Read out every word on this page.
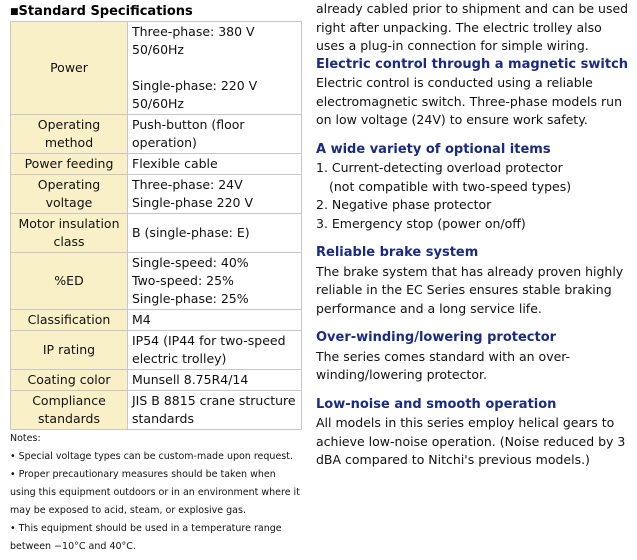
■Standard Specifications
Power	Three-phase: 380 V 50/60Hz
Single-phase: 220 V 50/60Hz

Operating method	Push-button (floor operation)
Power feeding	Flexible cable
Operating voltage	Three-phase: 24V
Single-phase 220 V

Motor insulation class	B (single-phase: E)
%ED	Single-speed: 40%
Two-speed: 25%
Single-phase: 25%

Classification	M4
IP rating	IP54 (IP44 for two-speed electric trolley)
Coating color	Munsell 8.75R4/14
Compliance standards	JIS B 8815 crane structure standards
Notes:
• Special voltage types can be custom-made upon request.
• Proper precautionary measures should be taken when using this equipment outdoors or in an environment where it may be exposed to acid, steam, or explosive gas.
• This equipment should be used in a temperature range between −10°C and 40°C.

already cabled prior to shipment and can be used right after unpacking. The electric trolley also uses a plug-in connection for simple wiring.

Electric control through a magnetic switch

Electric control is conducted using a reliable electromagnetic switch. Three-phase models run on low voltage (24V) to ensure work safety.

A wide variety of optional items
1. Current-detecting overload protector
(not compatible with two-speed types)
2. Negative phase protector
3. Emergency stop (power on/off)
Reliable brake system

The brake system that has already proven highly reliable in the EC Series ensures stable braking performance and a long service life.

Over-winding/lowering protector

The series comes standard with an over-winding/lowering protector.

Low-noise and smooth operation

All models in this series employ helical gears to achieve low-noise operation. (Noise reduced by 3 dBA compared to Nitchi's previous models.)
